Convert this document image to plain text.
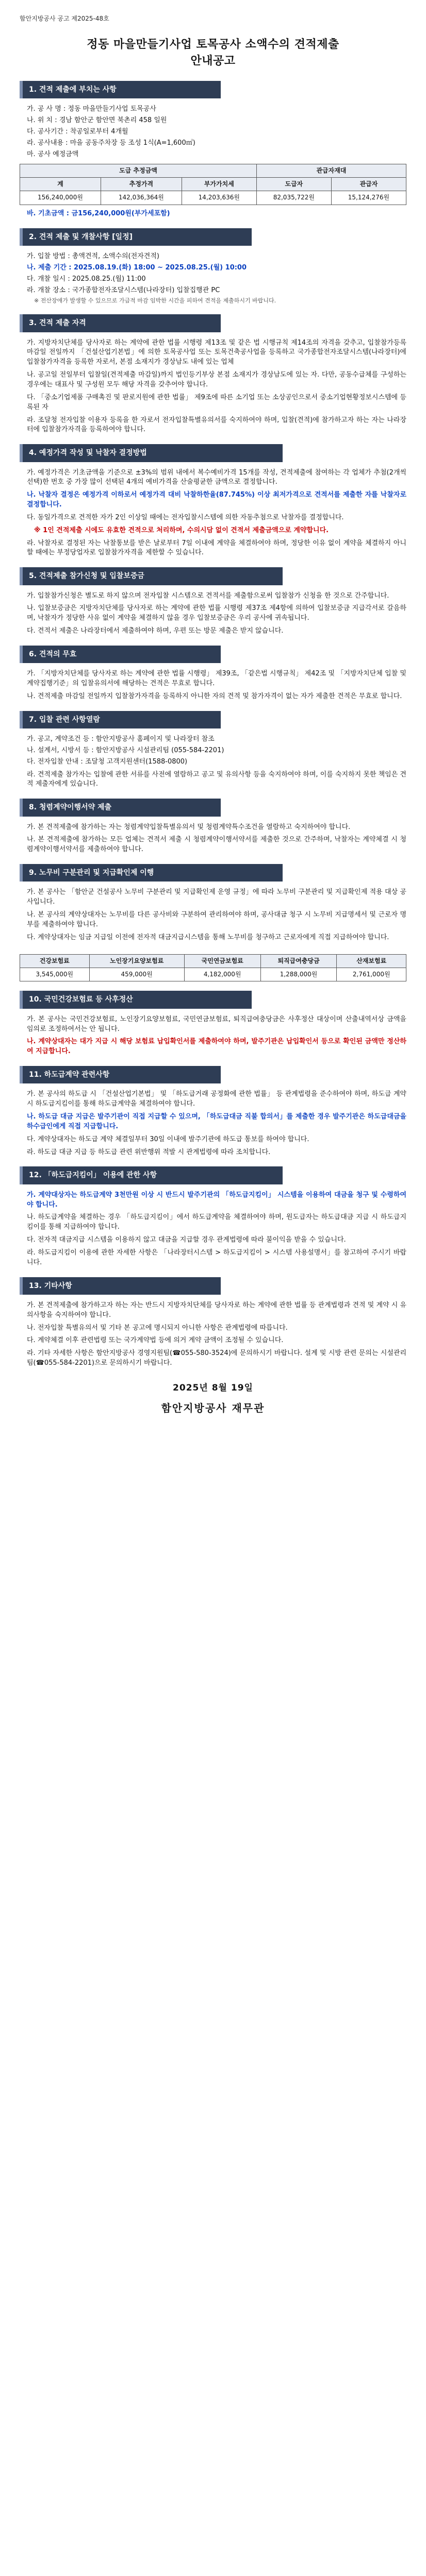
함안지방공사 공고 제2025-48호
정동 마을만들기사업 토목공사 소액수의 견적제출
안내공고
1. 견적 제출에 부치는 사항
가. 공 사 명 : 정동 마을만들기사업 토목공사
나. 위 치 : 경남 함안군 함안면 북촌리 458 일원
다. 공사기간 : 착공일로부터 4개월
라. 공사내용 : 마을 공동주차장 등 조성 1식(A=1,600㎡)
마. 공사 예정금액
도급 추정금액			관급자재대	
계	추정가격	부가가치세	도급자	관급자
156,240,000원	142,036,364원	14,203,636원	82,035,722원	15,124,276원
바. 기초금액 : 금156,240,000원(부가세포함)
2. 견적 제출 및 개찰사항 [일정]
가. 입찰 방법 : 총액견적, 소액수의(전자견적)
나. 제출 기간 : 2025.08.19.(화) 18:00 ~ 2025.08.25.(월) 10:00
다. 개찰 일시 : 2025.08.25.(월) 11:00
라. 개찰 장소 : 국가종합전자조달시스템(나라장터) 입찰집행관 PC
※ 전산장애가 발생할 수 있으므로 가급적 마감 임박한 시간을 피하여 견적을 제출하시기 바랍니다.
3. 견적 제출 자격
가. 지방자치단체를 당사자로 하는 계약에 관한 법률 시행령 제13조 및 같은 법 시행규칙 제14조의 자격을 갖추고, 입찰참가등록 마감일 전일까지 「건설산업기본법」에 의한 토목공사업 또는 토목건축공사업을 등록하고 국가종합전자조달시스템(나라장터)에 입찰참가자격을 등록한 자로서, 본점 소재지가 경상남도 내에 있는 업체
나. 공고일 전일부터 입찰일(견적제출 마감일)까지 법인등기부상 본점 소재지가 경상남도에 있는 자. 다만, 공동수급체를 구성하는 경우에는 대표사 및 구성원 모두 해당 자격을 갖추어야 합니다.
다. 「중소기업제품 구매촉진 및 판로지원에 관한 법률」 제9조에 따른 소기업 또는 소상공인으로서 중소기업현황정보시스템에 등록된 자
라. 조달청 전자입찰 이용자 등록을 한 자로서 전자입찰특별유의서를 숙지하여야 하며, 입찰(견적)에 참가하고자 하는 자는 나라장터에 입찰참가자격을 등록하여야 합니다.
4. 예정가격 작성 및 낙찰자 결정방법
가. 예정가격은 기초금액을 기준으로 ±3%의 범위 내에서 복수예비가격 15개를 작성, 견적제출에 참여하는 각 업체가 추첨(2개씩 선택)한 번호 중 가장 많이 선택된 4개의 예비가격을 산술평균한 금액으로 결정합니다.
나. 낙찰자 결정은 예정가격 이하로서 예정가격 대비 낙찰하한율(87.745%) 이상 최저가격으로 견적서를 제출한 자를 낙찰자로 결정합니다.
다. 동일가격으로 견적한 자가 2인 이상일 때에는 전자입찰시스템에 의한 자동추첨으로 낙찰자를 결정합니다.
※ 1인 견적제출 시에도 유효한 견적으로 처리하며, 수의시담 없이 견적서 제출금액으로 계약합니다.
라. 낙찰자로 결정된 자는 낙찰통보를 받은 날로부터 7일 이내에 계약을 체결하여야 하며, 정당한 이유 없이 계약을 체결하지 아니할 때에는 부정당업자로 입찰참가자격을 제한할 수 있습니다.
5. 견적제출 참가신청 및 입찰보증금
가. 입찰참가신청은 별도로 하지 않으며 전자입찰 시스템으로 견적서를 제출함으로써 입찰참가 신청을 한 것으로 간주합니다.
나. 입찰보증금은 지방자치단체를 당사자로 하는 계약에 관한 법률 시행령 제37조 제4항에 의하여 입찰보증금 지급각서로 갈음하며, 낙찰자가 정당한 사유 없이 계약을 체결하지 않을 경우 입찰보증금은 우리 공사에 귀속됩니다.
다. 견적서 제출은 나라장터에서 제출하여야 하며, 우편 또는 방문 제출은 받지 않습니다.
6. 견적의 무효
가. 「지방자치단체를 당사자로 하는 계약에 관한 법률 시행령」 제39조, 「같은법 시행규칙」 제42조 및 「지방자치단체 입찰 및 계약집행기준」의 입찰유의서에 해당하는 견적은 무효로 합니다.
나. 견적제출 마감일 전일까지 입찰참가자격을 등록하지 아니한 자의 견적 및 참가자격이 없는 자가 제출한 견적은 무효로 합니다.
7. 입찰 관련 사항열람
가. 공고, 계약조건 등 : 함안지방공사 홈페이지 및 나라장터 참조
나. 설계서, 시방서 등 : 함안지방공사 시설관리팀 (055-584-2201)
다. 전자입찰 안내 : 조달청 고객지원센터(1588-0800)
라. 견적제출 참가자는 입찰에 관한 서류를 사전에 열람하고 공고 및 유의사항 등을 숙지하여야 하며, 이를 숙지하지 못한 책임은 견적 제출자에게 있습니다.
8. 청렴계약이행서약 제출
가. 본 견적제출에 참가하는 자는 청렴계약입찰특별유의서 및 청렴계약특수조건을 열람하고 숙지하여야 합니다.
나. 본 견적제출에 참가하는 모든 업체는 견적서 제출 시 청렴계약이행서약서를 제출한 것으로 간주하며, 낙찰자는 계약체결 시 청렴계약이행서약서를 제출하여야 합니다.
9. 노무비 구분관리 및 지급확인제 이행
가. 본 공사는 「함안군 건설공사 노무비 구분관리 및 지급확인제 운영 규정」에 따라 노무비 구분관리 및 지급확인제 적용 대상 공사입니다.
나. 본 공사의 계약상대자는 노무비를 다른 공사비와 구분하여 관리하여야 하며, 공사대금 청구 시 노무비 지급명세서 및 근로자 명부를 제출하여야 합니다.
다. 계약상대자는 임금 지급일 이전에 전자적 대금지급시스템을 통해 노무비를 청구하고 근로자에게 직접 지급하여야 합니다.
건강보험료	노인장기요양보험료	국민연금보험료	퇴직급여충당금	산재보험료
3,545,000원	459,000원	4,182,000원	1,288,000원	2,761,000원
10. 국민건강보험료 등 사후정산
가. 본 공사는 국민건강보험료, 노인장기요양보험료, 국민연금보험료, 퇴직급여충당금은 사후정산 대상이며 산출내역서상 금액을 임의로 조정하여서는 안 됩니다.
나. 계약상대자는 대가 지급 시 해당 보험료 납입확인서를 제출하여야 하며, 발주기관은 납입확인서 등으로 확인된 금액만 정산하여 지급합니다.
11. 하도급계약 관련사항
가. 본 공사의 하도급 시 「건설산업기본법」 및 「하도급거래 공정화에 관한 법률」 등 관계법령을 준수하여야 하며, 하도급 계약 시 하도급지킴이를 통해 하도급계약을 체결하여야 합니다.
나. 하도급 대금 지급은 발주기관이 직접 지급할 수 있으며, 「하도급대금 직불 합의서」를 제출한 경우 발주기관은 하도급대금을 하수급인에게 직접 지급합니다.
다. 계약상대자는 하도급 계약 체결일부터 30일 이내에 발주기관에 하도급 통보를 하여야 합니다.
라. 하도급 대금 지급 등 하도급 관련 위반행위 적발 시 관계법령에 따라 조치합니다.
12. 「하도급지킴이」 이용에 관한 사항
가. 계약대상자는 하도급계약 3천만원 이상 시 반드시 발주기관의 「하도급지킴이」 시스템을 이용하여 대금을 청구 및 수령하여야 합니다.
나. 하도급계약을 체결하는 경우 「하도급지킴이」에서 하도급계약을 체결하여야 하며, 원도급자는 하도급대금 지급 시 하도급지킴이를 통해 지급하여야 합니다.
다. 전자적 대금지급 시스템을 이용하지 않고 대금을 지급할 경우 관계법령에 따라 불이익을 받을 수 있습니다.
라. 하도급지킴이 이용에 관한 자세한 사항은 「나라장터시스템 > 하도급지킴이 > 시스템 사용설명서」를 참고하여 주시기 바랍니다.
13. 기타사항
가. 본 견적제출에 참가하고자 하는 자는 반드시 지방자치단체를 당사자로 하는 계약에 관한 법률 등 관계법령과 견적 및 계약 시 유의사항을 숙지하여야 합니다.
나. 전자입찰 특별유의서 및 기타 본 공고에 명시되지 아니한 사항은 관계법령에 따릅니다.
다. 계약체결 이후 관련법령 또는 국가계약법 등에 의거 계약 금액이 조정될 수 있습니다.
라. 기타 자세한 사항은 함안지방공사 경영지원팀(☎055-580-3524)에 문의하시기 바랍니다. 설계 및 시방 관련 문의는 시설관리팀(☎055-584-2201)으로 문의하시기 바랍니다.
2025년 8월 19일
함안지방공사 재무관
